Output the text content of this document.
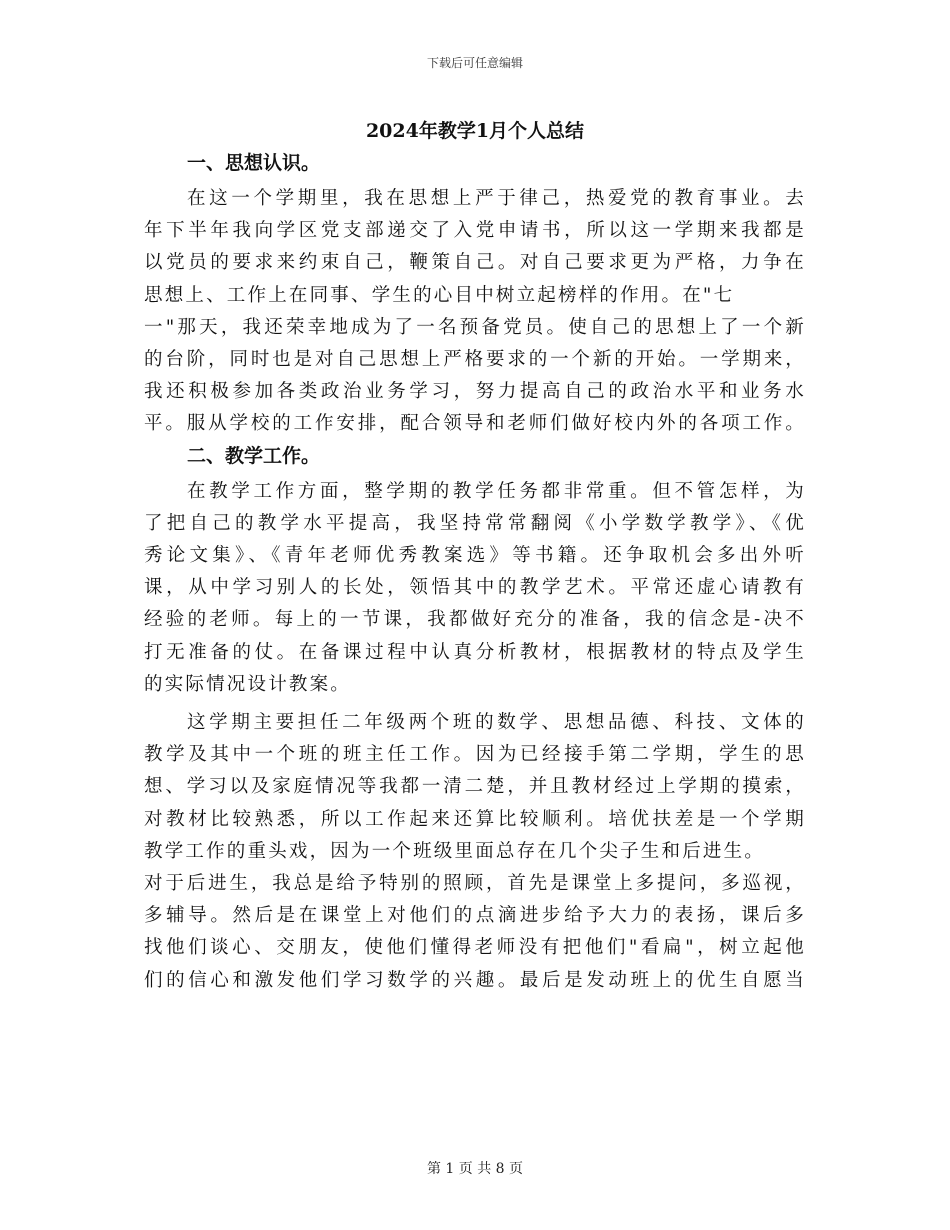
下载后可任意编辑
2024年教学1月个人总结
一、思想认识。

在这一个学期里，我在思想上严于律己，热爱党的教育事业。去
年下半年我向学区党支部递交了入党申请书，所以这一学期来我都是
以党员的要求来约束自己，鞭策自己。对自己要求更为严格，力争在
思想上、工作上在同事、学生的心目中树立起榜样的作用。在"七
一"那天，我还荣幸地成为了一名预备党员。使自己的思想上了一个新
的台阶，同时也是对自己思想上严格要求的一个新的开始。一学期来，
我还积极参加各类政治业务学习，努力提高自己的政治水平和业务水
平。服从学校的工作安排，配合领导和老师们做好校内外的各项工作。

二、教学工作。

在教学工作方面，整学期的教学任务都非常重。但不管怎样，为
了把自己的教学水平提高，我坚持常常翻阅《小学数学教学》、《优
秀论文集》、《青年老师优秀教案选》等书籍。还争取机会多出外听
课，从中学习别人的长处，领悟其中的教学艺术。平常还虚心请教有
经验的老师。每上的一节课，我都做好充分的准备，我的信念是-决不
打无准备的仗。在备课过程中认真分析教材，根据教材的特点及学生
的实际情况设计教案。

这学期主要担任二年级两个班的数学、思想品德、科技、文体的
教学及其中一个班的班主任工作。因为已经接手第二学期，学生的思
想、学习以及家庭情况等我都一清二楚，并且教材经过上学期的摸索，
对教材比较熟悉，所以工作起来还算比较顺利。培优扶差是一个学期
教学工作的重头戏，因为一个班级里面总存在几个尖子生和后进生。
对于后进生，我总是给予特别的照顾，首先是课堂上多提问，多巡视，
多辅导。然后是在课堂上对他们的点滴进步给予大力的表扬，课后多
找他们谈心、交朋友，使他们懂得老师没有把他们"看扁"，树立起他
们的信心和激发他们学习数学的兴趣。最后是发动班上的优生自愿当

第 1 页 共 8 页
